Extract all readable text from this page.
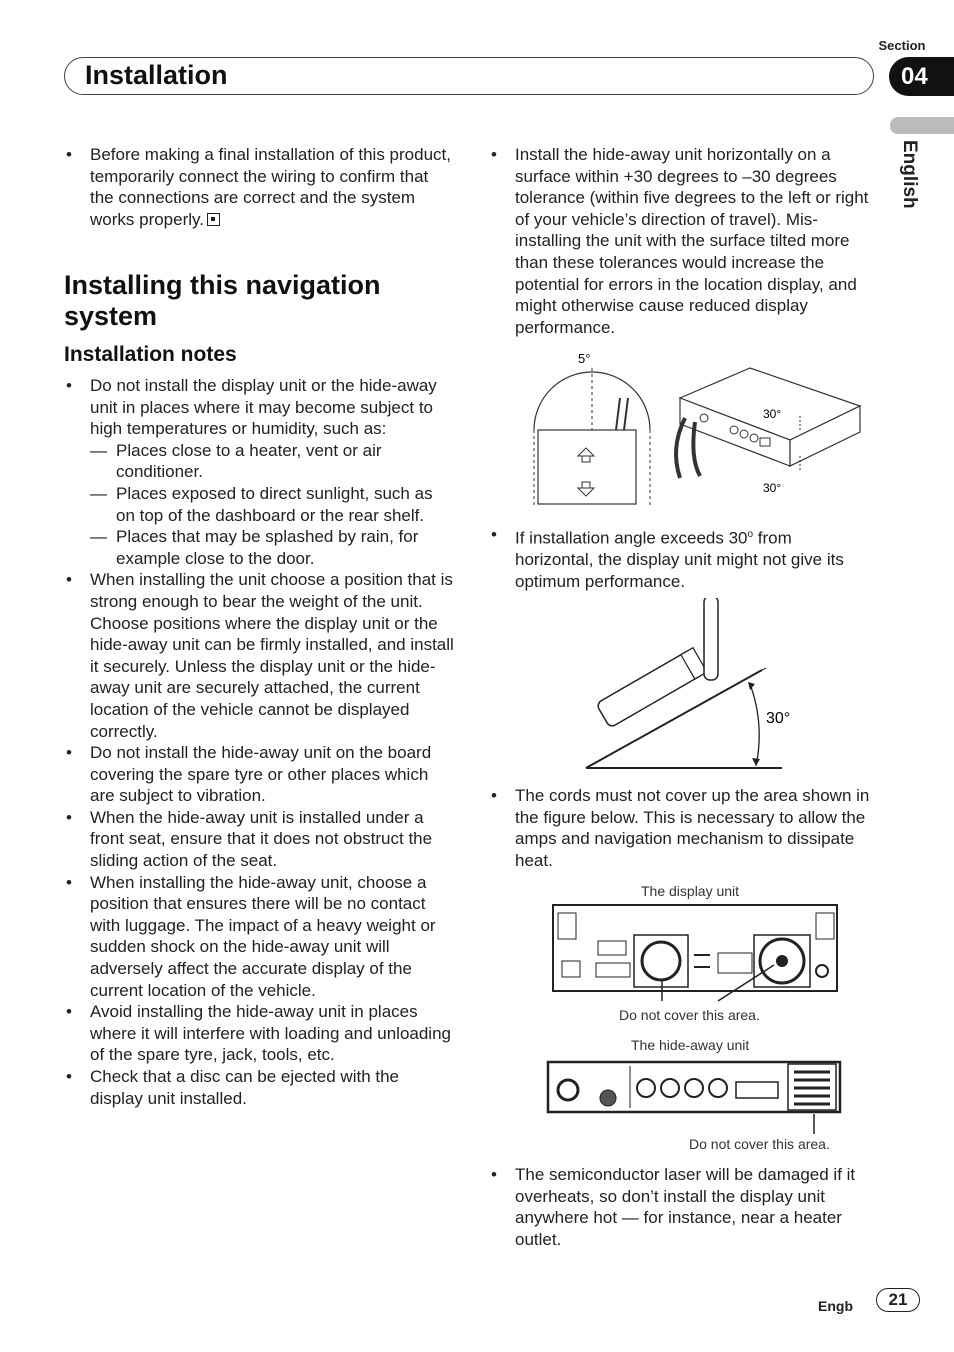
Installation
Section
04
English

• Before making a final installation of this product, temporarily connect the wiring to confirm that the connections are correct and the system works properly.

Installing this navigation system
Installation notes

• Do not install the display unit or the hide-away unit in places where it may become subject to high temperatures or humidity, such as:

— Places close to a heater, vent or air conditioner.

— Places exposed to direct sunlight, such as on top of the dashboard or the rear shelf.

— Places that may be splashed by rain, for example close to the door.

• When installing the unit choose a position that is strong enough to bear the weight of the unit. Choose positions where the display unit or the hide-away unit can be firmly installed, and install it securely. Unless the display unit or the hide-away unit are securely attached, the current location of the vehicle cannot be displayed correctly.

• Do not install the hide-away unit on the board covering the spare tyre or other places which are subject to vibration.

• When the hide-away unit is installed under a front seat, ensure that it does not obstruct the sliding action of the seat.

• When installing the hide-away unit, choose a position that ensures there will be no contact with luggage. The impact of a heavy weight or sudden shock on the hide-away unit will adversely affect the accurate display of the current location of the vehicle.

• Avoid installing the hide-away unit in places where it will interfere with loading and unloading of the spare tyre, jack, tools, etc.

• Check that a disc can be ejected with the display unit installed.

• Install the hide-away unit horizontally on a surface within +30 degrees to –30 degrees tolerance (within five degrees to the left or right of your vehicle’s direction of travel). Mis-installing the unit with the surface tilted more than these tolerances would increase the potential for errors in the location display, and might otherwise cause reduced display performance.

5°
30°
30°

• If installation angle exceeds 30$^o$ from horizontal, the display unit might not give its optimum performance.

30°

• The cords must not cover up the area shown in the figure below. This is necessary to allow the amps and navigation mechanism to dissipate heat.

The display unit
Do not cover this area.
The hide-away unit
Do not cover this area.

• The semiconductor laser will be damaged if it overheats, so don’t install the display unit anywhere hot — for instance, near a heater outlet.

Engb	21
